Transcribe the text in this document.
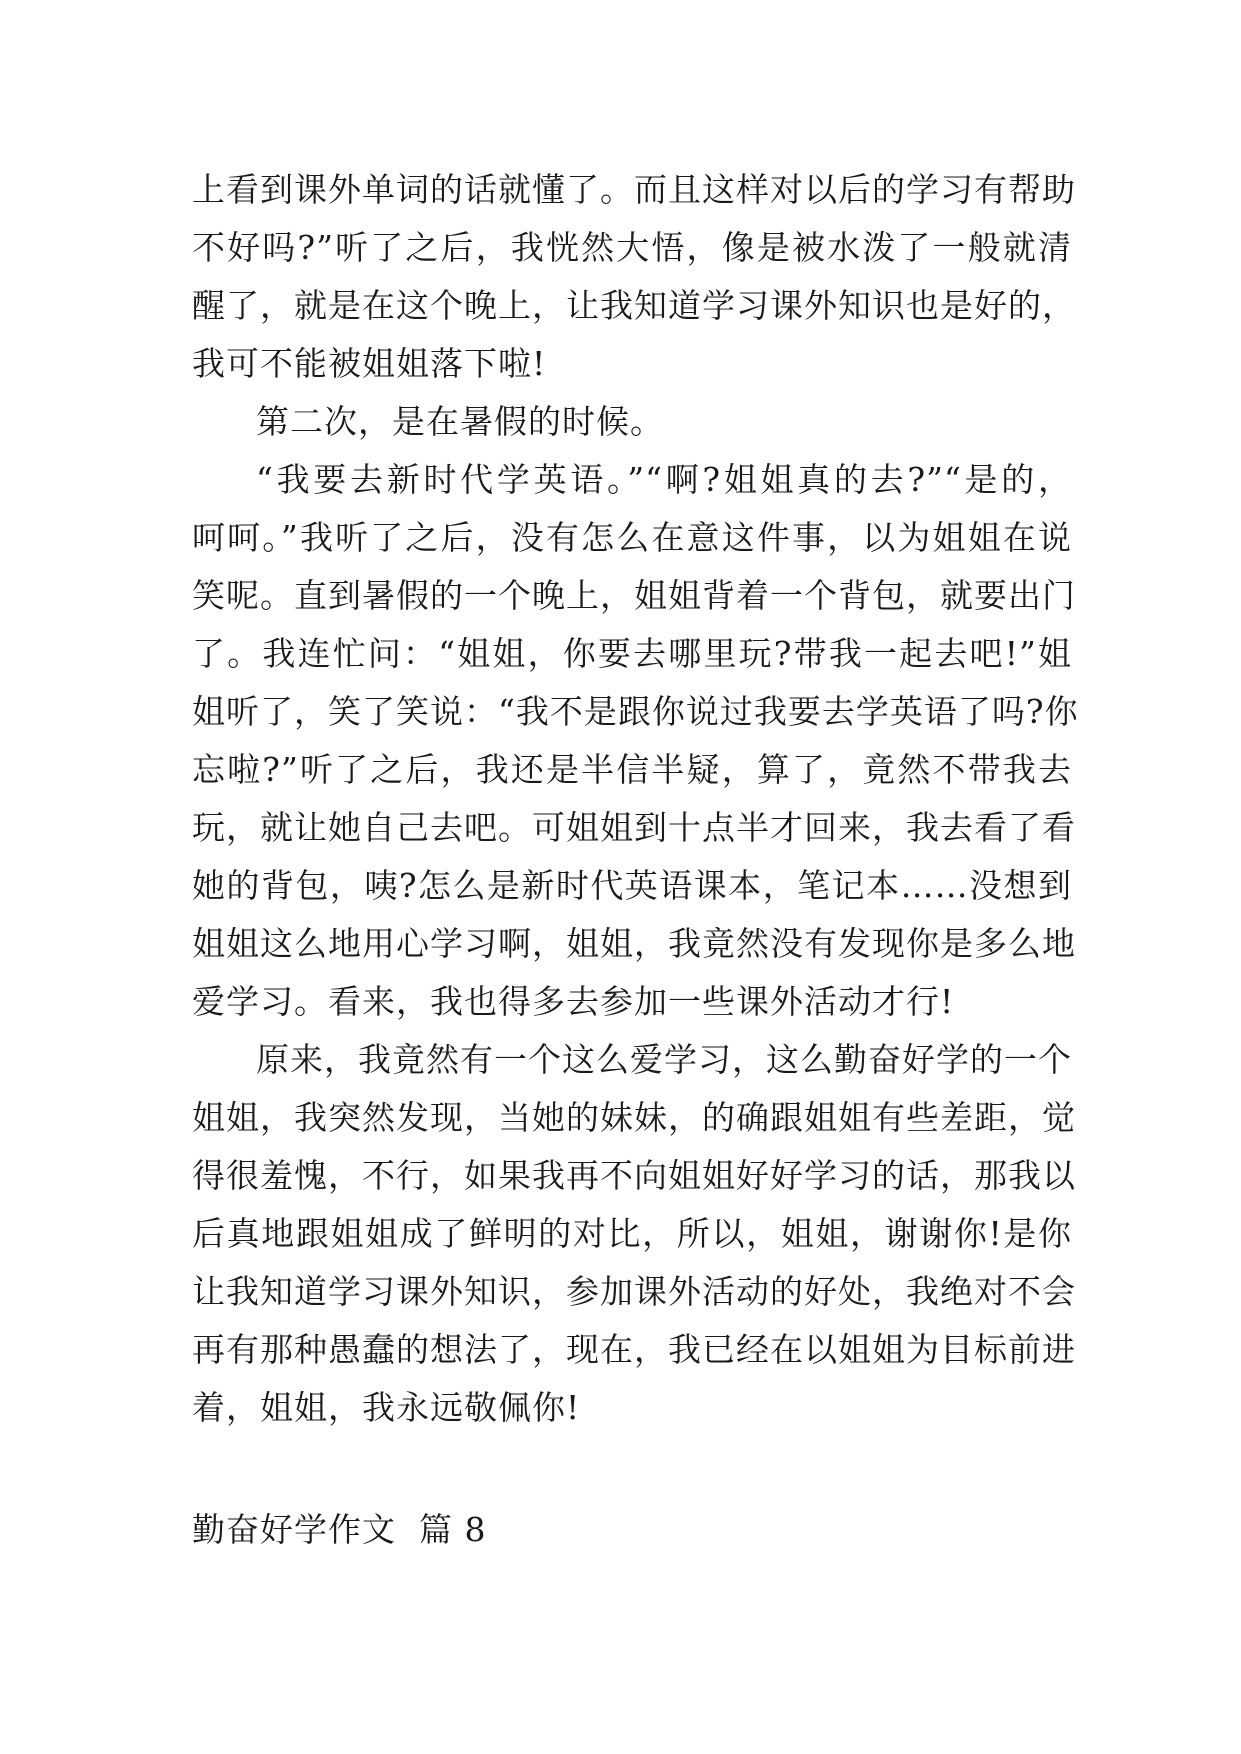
上看到课外单词的话就懂了。而且这样对以后的学习有帮助
不好吗?”听了之后，我恍然大悟，像是被水泼了一般就清
醒了，就是在这个晚上，让我知道学习课外知识也是好的，
我可不能被姐姐落下啦!
第二次，是在暑假的时候。
“我要去新时代学英语。”“啊?姐姐真的去?”“是的，
呵呵。”我听了之后，没有怎么在意这件事，以为姐姐在说
笑呢。直到暑假的一个晚上，姐姐背着一个背包，就要出门
了。我连忙问：“姐姐，你要去哪里玩?带我一起去吧!”姐
姐听了，笑了笑说：“我不是跟你说过我要去学英语了吗?你
忘啦?”听了之后，我还是半信半疑，算了，竟然不带我去
玩，就让她自己去吧。可姐姐到十点半才回来，我去看了看
她的背包，咦?怎么是新时代英语课本，笔记本……没想到
姐姐这么地用心学习啊，姐姐，我竟然没有发现你是多么地
爱学习。看来，我也得多去参加一些课外活动才行!
原来，我竟然有一个这么爱学习，这么勤奋好学的一个
姐姐，我突然发现，当她的妹妹，的确跟姐姐有些差距，觉
得很羞愧，不行，如果我再不向姐姐好好学习的话，那我以
后真地跟姐姐成了鲜明的对比，所以，姐姐，谢谢你!是你
让我知道学习课外知识，参加课外活动的好处，我绝对不会
再有那种愚蠢的想法了，现在，我已经在以姐姐为目标前进
着，姐姐，我永远敬佩你!
勤奋好学作文  篇 8
